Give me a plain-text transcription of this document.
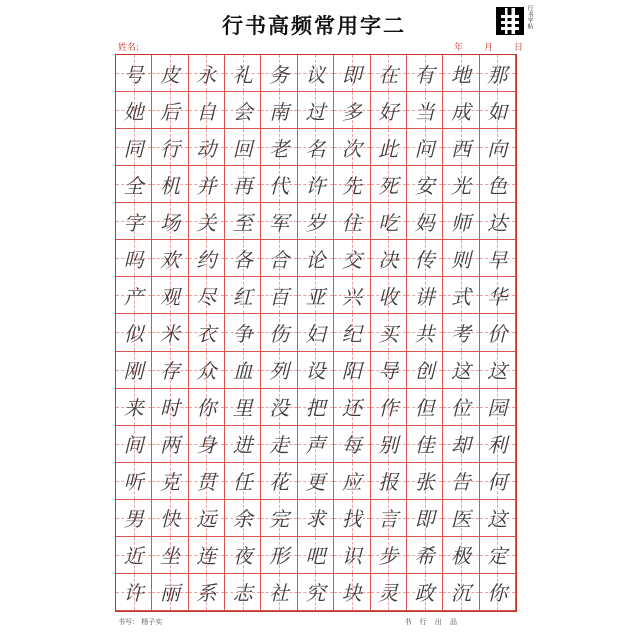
行书高频常用字二	行书字帖
姓名:	年 月 日
号 皮 永 礼 务 议 即 在 有 地 那
她 后 自 会 南 过 多 好 当 成 如
同 行 动 回 老 名 次 此 问 西 向
全 机 并 再 代 许 先 死 安 光 色
字 场 关 至 军 岁 住 吃 妈 师 达
吗 欢 约 各 合 论 交 决 传 则 早
产 观 尽 红 百 亚 兴 收 讲 式 华
似 米 衣 争 伤 妇 纪 买 共 考 价
刚 存 众 血 列 设 阳 导 创 这 这
来 时 你 里 没 把 还 作 但 位 园
间 两 身 进 走 声 每 别 佳 却 利
听 克 贯 任 花 更 应 报 张 告 何
男 快 远 余 完 求 找 言 即 医 这
近 坐 连 夜 形 吧 识 步 希 极 定
许 丽 系 志 社 究 块 灵 政 沉 你
书写： 杨子实	书 行 出 品
